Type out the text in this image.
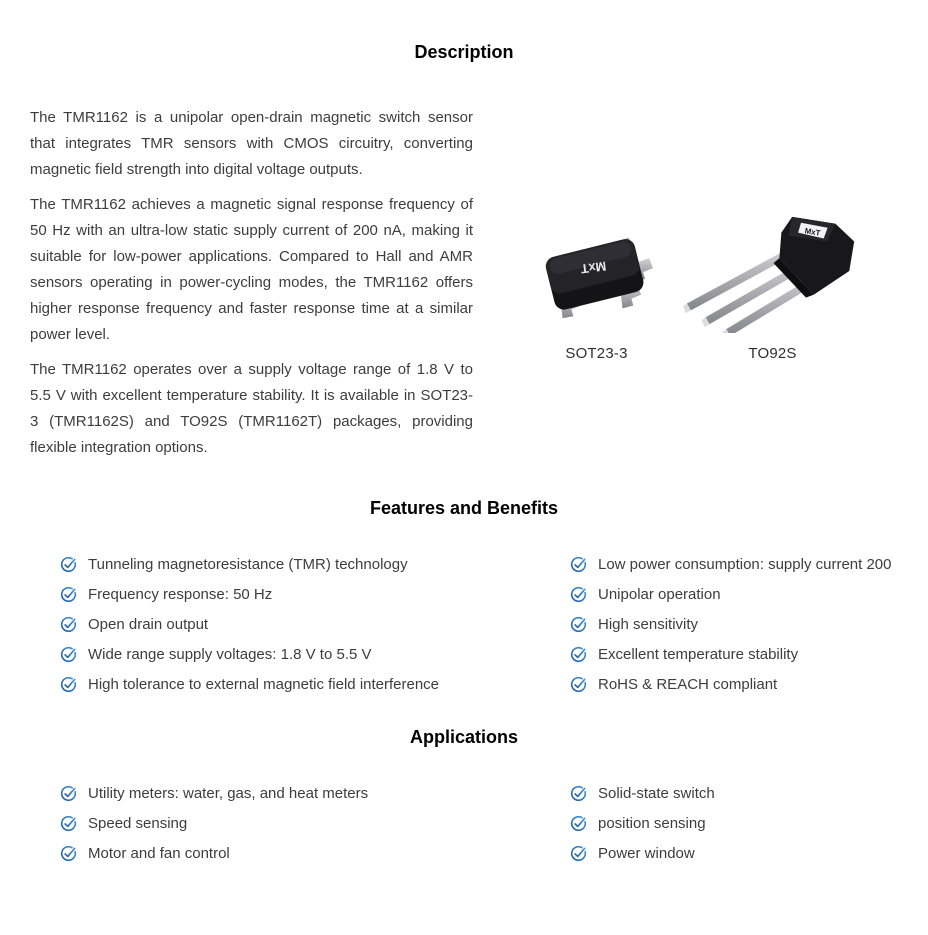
Description

The TMR1162 is a unipolar open-drain magnetic switch sensor that integrates TMR sensors with CMOS circuitry, converting magnetic field strength into digital voltage outputs.

The TMR1162 achieves a magnetic signal response frequency of 50 Hz with an ultra-low static supply current of 200 nA, making it suitable for low-power applications. Compared to Hall and AMR sensors operating in power-cycling modes, the TMR1162 offers higher response frequency and faster response time at a similar power level.

The TMR1162 operates over a supply voltage range of 1.8 V to 5.5 V with excellent temperature stability. It is available in SOT23-3 (TMR1162S) and TO92S (TMR1162T) packages, providing flexible integration options.

MxT
SOT23-3
MxT
TO92S
Features and Benefits
Tunneling magnetoresistance (TMR) technology
Frequency response: 50 Hz
Open drain output
Wide range supply voltages: 1.8 V to 5.5 V
High tolerance to external magnetic field interference
Low power consumption: supply current 200
Unipolar operation
High sensitivity
Excellent temperature stability
RoHS & REACH compliant
Applications
Utility meters: water, gas, and heat meters
Speed sensing
Motor and fan control
Solid-state switch
position sensing
Power window
